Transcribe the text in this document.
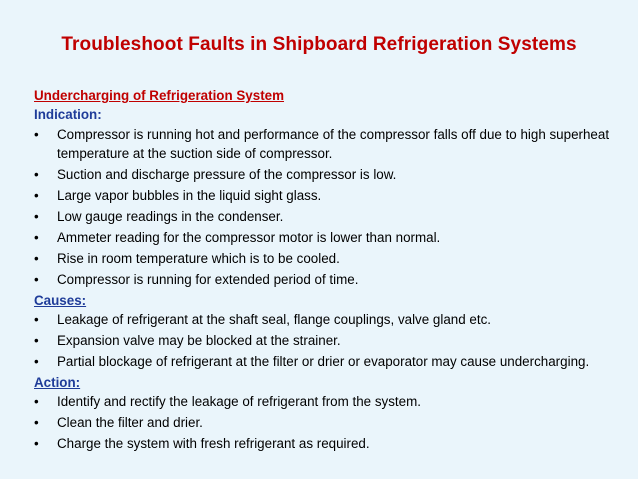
Troubleshoot Faults in Shipboard Refrigeration Systems
Undercharging of Refrigeration System
Indication:
• Compressor is running hot and performance of the compressor falls off due to high superheat temperature at the suction side of compressor.
• Suction and discharge pressure of the compressor is low.
• Large vapor bubbles in the liquid sight glass.
• Low gauge readings in the condenser.
• Ammeter reading for the compressor motor is lower than normal.
• Rise in room temperature which is to be cooled.
• Compressor is running for extended period of time.
Causes:
• Leakage of refrigerant at the shaft seal, flange couplings, valve gland etc.
• Expansion valve may be blocked at the strainer.
• Partial blockage of refrigerant at the filter or drier or evaporator may cause undercharging.
Action:
• Identify and rectify the leakage of refrigerant from the system.
• Clean the filter and drier.
• Charge the system with fresh refrigerant as required.
